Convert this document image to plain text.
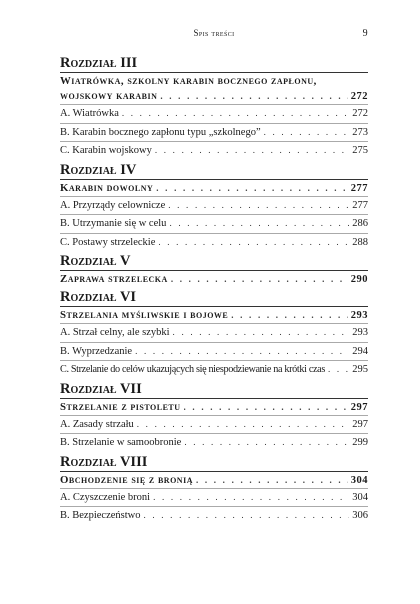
Spis treści	9
Rozdział III
Wiatrówka, szkolny karabin bocznego zapłonu,
wojskowy karabin . . .	272
A. Wiatrówka . . .	272
B. Karabin bocznego zapłonu typu „szkolnego” . . .	273
C. Karabin wojskowy . . .	275
Rozdział IV
Karabin dowolny . . .	277
A. Przyrządy celownicze . . .	277
B. Utrzymanie się w celu . . .	286
C. Postawy strzeleckie . . .	288
Rozdział V
Zaprawa strzelecka . . .	290
Rozdział VI
Strzelania myśliwskie i bojowe . . .	293
A. Strzał celny, ale szybki . . .	293
B. Wyprzedzanie . . .	294
C. Strzelanie do celów ukazujących się niespodziewanie na krótki czas . . .	295
Rozdział VII
Strzelanie z pistoletu . . .	297
A. Zasady strzału . . .	297
B. Strzelanie w samoobronie . . .	299
Rozdział VIII
Obchodzenie się z bronią . . .	304
A. Czyszczenie broni . . .	304
B. Bezpieczeństwo . . .	306
